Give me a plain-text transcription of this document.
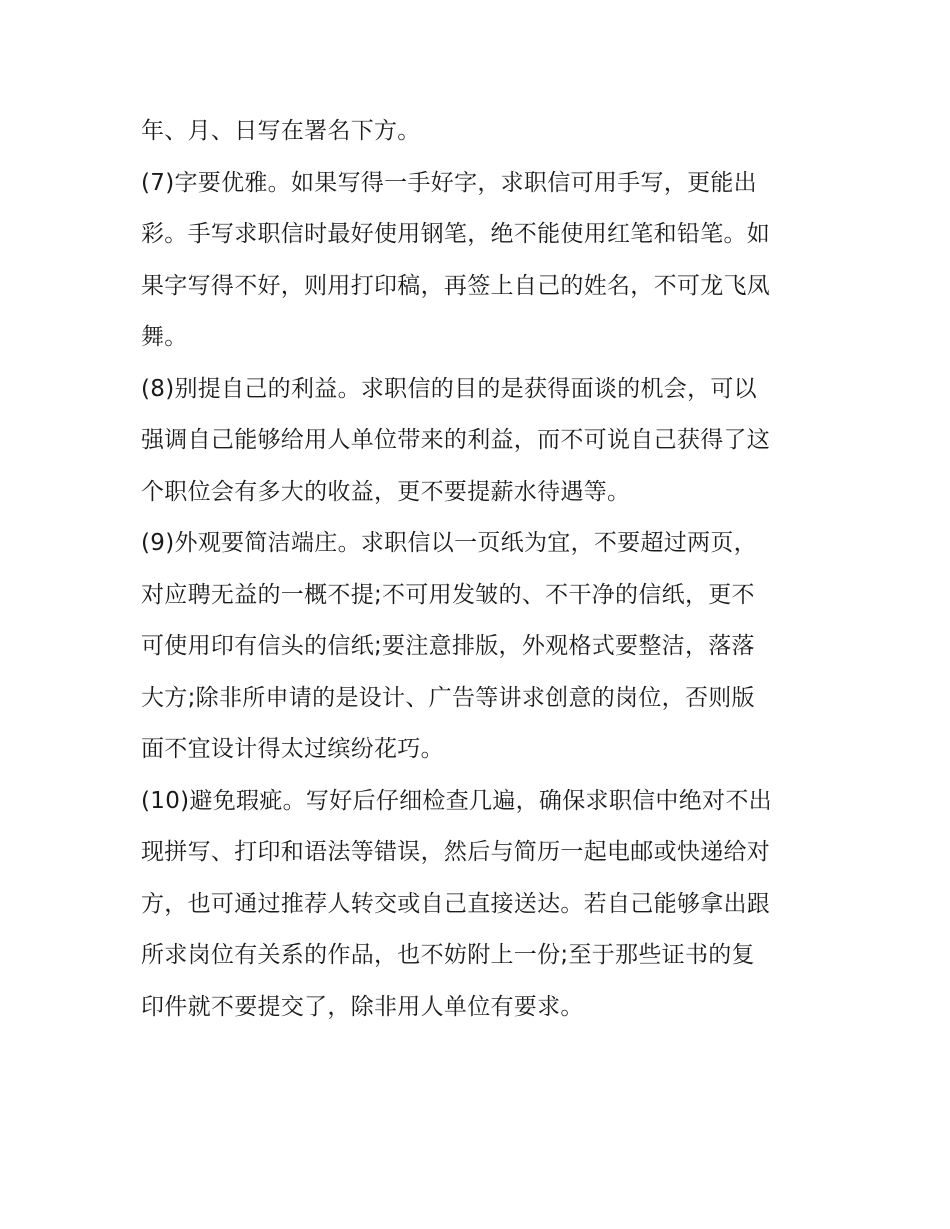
年、月、日写在署名下方。
(7)字要优雅。如果写得一手好字，求职信可用手写，更能出
彩。手写求职信时最好使用钢笔，绝不能使用红笔和铅笔。如
果字写得不好，则用打印稿，再签上自己的姓名，不可龙飞凤
舞。
(8)别提自己的利益。求职信的目的是获得面谈的机会，可以
强调自己能够给用人单位带来的利益，而不可说自己获得了这
个职位会有多大的收益，更不要提薪水待遇等。
(9)外观要简洁端庄。求职信以一页纸为宜，不要超过两页，
对应聘无益的一概不提;不可用发皱的、不干净的信纸，更不
可使用印有信头的信纸;要注意排版，外观格式要整洁，落落
大方;除非所申请的是设计、广告等讲求创意的岗位，否则版
面不宜设计得太过缤纷花巧。
(10)避免瑕疵。写好后仔细检查几遍，确保求职信中绝对不出
现拼写、打印和语法等错误，然后与简历一起电邮或快递给对
方，也可通过推荐人转交或自己直接送达。若自己能够拿出跟
所求岗位有关系的作品，也不妨附上一份;至于那些证书的复
印件就不要提交了，除非用人单位有要求。
